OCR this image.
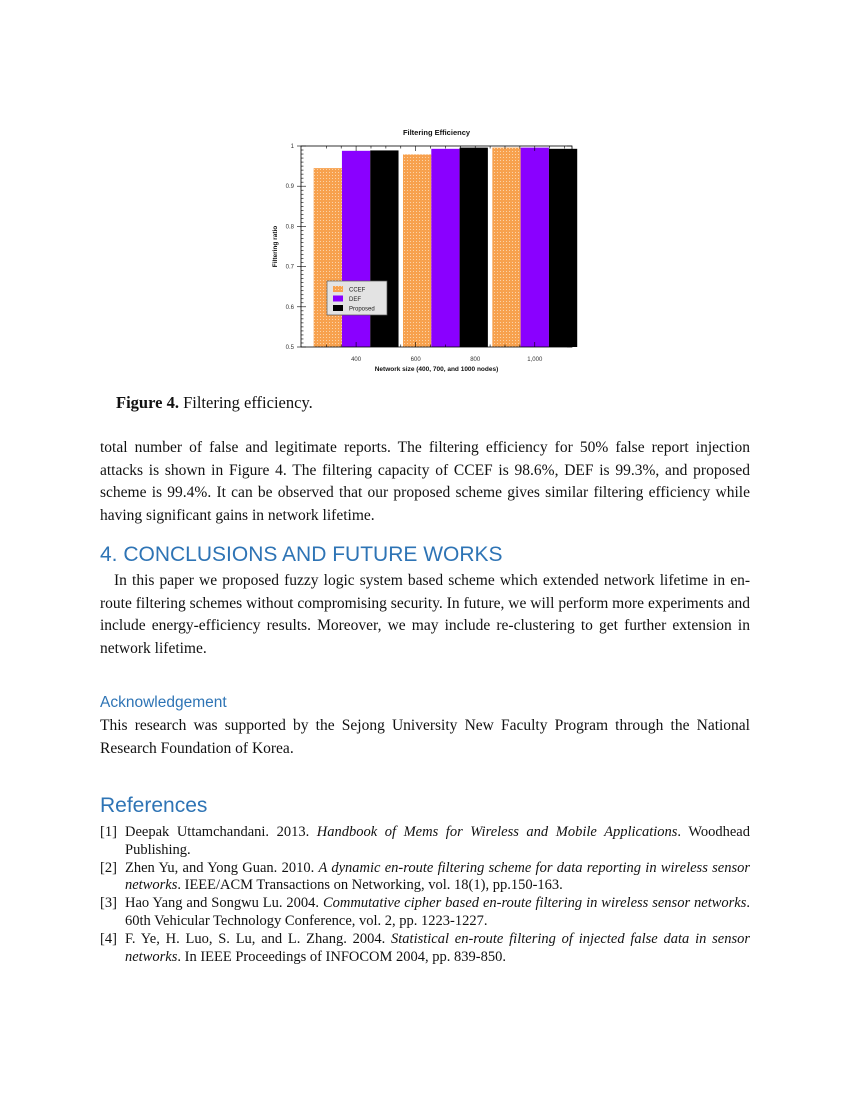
0.5
0.6
0.7
0.8
0.9
1
400	600	800	1,000
Filtering Efficiency
Network size (400, 700, and 1000 nodes)
Filtering ratio
CCEF
DEF
Proposed
Figure 4. Filtering efficiency.

total number of false and legitimate reports. The filtering efficiency for 50% false report injection attacks is shown in Figure 4. The filtering capacity of CCEF is 98.6%, DEF is 99.3%, and proposed scheme is 99.4%. It can be observed that our proposed scheme gives similar filtering efficiency while having significant gains in network lifetime.

4. CONCLUSIONS AND FUTURE WORKS

In this paper we proposed fuzzy logic system based scheme which extended network lifetime in en-route filtering schemes without compromising security. In future, we will perform more experiments and include energy-efficiency results. Moreover, we may include re-clustering to get further extension in network lifetime.

Acknowledgement

This research was supported by the Sejong University New Faculty Program through the National Research Foundation of Korea.

References
[1] Deepak Uttamchandani. 2013. Handbook of Mems for Wireless and Mobile Applications. Woodhead Publishing.
[2] Zhen Yu, and Yong Guan. 2010. A dynamic en-route filtering scheme for data reporting in wireless sensor networks. IEEE/ACM Transactions on Networking, vol. 18(1), pp.150-163.
[3] Hao Yang and Songwu Lu. 2004. Commutative cipher based en-route filtering in wireless sensor networks. 60th Vehicular Technology Conference, vol. 2, pp. 1223-1227.
[4] F. Ye, H. Luo, S. Lu, and L. Zhang. 2004. Statistical en-route filtering of injected false data in sensor networks. In IEEE Proceedings of INFOCOM 2004, pp. 839-850.
